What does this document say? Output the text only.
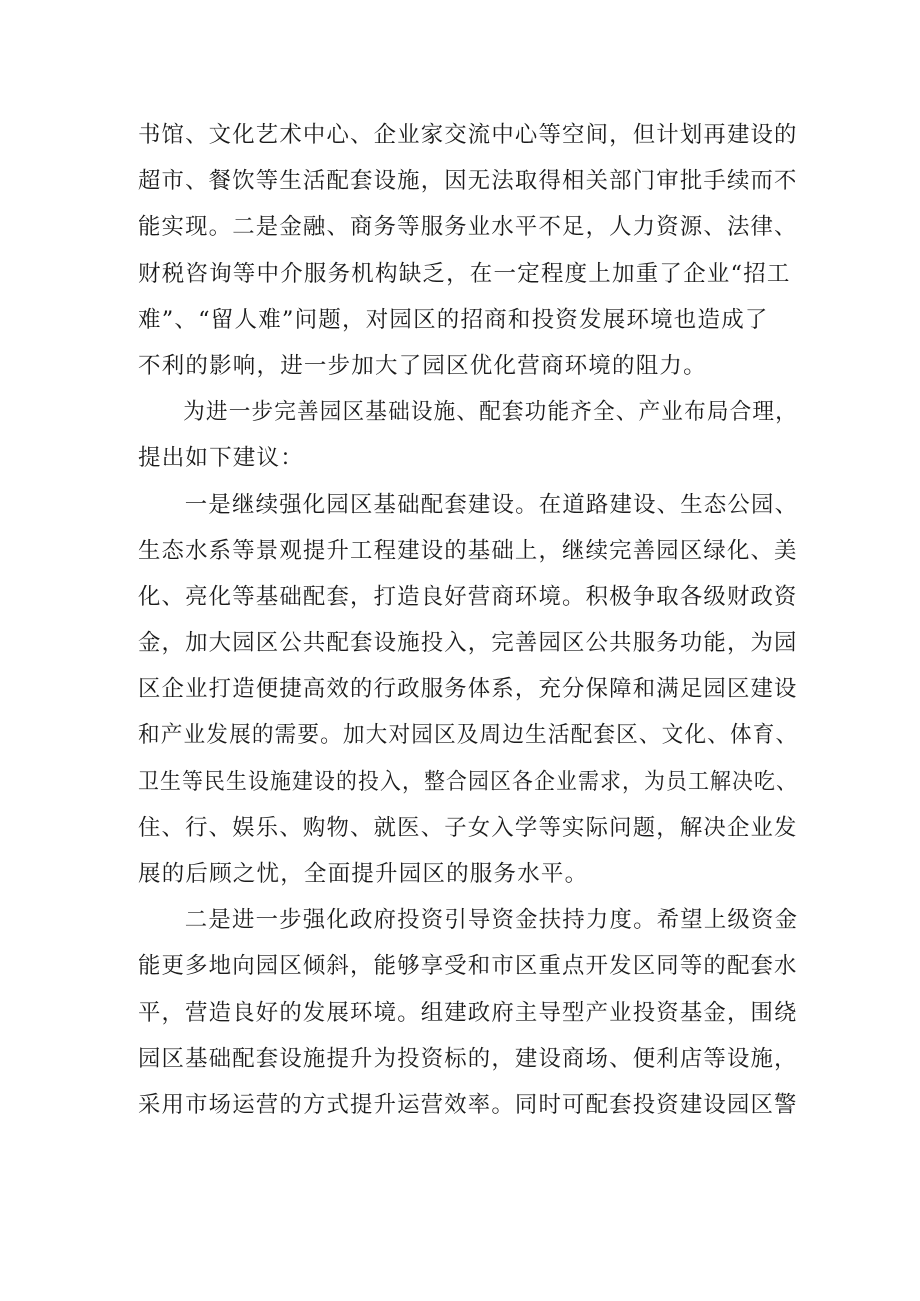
书馆、文化艺术中心、企业家交流中心等空间，但计划再建设的
超市、餐饮等生活配套设施，因无法取得相关部门审批手续而不
能实现。二是金融、商务等服务业水平不足，人力资源、法律、
财税咨询等中介服务机构缺乏，在一定程度上加重了企业“招工
难”、“留人难”问题，对园区的招商和投资发展环境也造成了
不利的影响，进一步加大了园区优化营商环境的阻力。
为进一步完善园区基础设施、配套功能齐全、产业布局合理，
提出如下建议：
一是继续强化园区基础配套建设。在道路建设、生态公园、
生态水系等景观提升工程建设的基础上，继续完善园区绿化、美
化、亮化等基础配套，打造良好营商环境。积极争取各级财政资
金，加大园区公共配套设施投入，完善园区公共服务功能，为园
区企业打造便捷高效的行政服务体系，充分保障和满足园区建设
和产业发展的需要。加大对园区及周边生活配套区、文化、体育、
卫生等民生设施建设的投入，整合园区各企业需求，为员工解决吃、
住、行、娱乐、购物、就医、子女入学等实际问题，解决企业发
展的后顾之忧，全面提升园区的服务水平。
二是进一步强化政府投资引导资金扶持力度。希望上级资金
能更多地向园区倾斜，能够享受和市区重点开发区同等的配套水
平，营造良好的发展环境。组建政府主导型产业投资基金，围绕
园区基础配套设施提升为投资标的，建设商场、便利店等设施，
采用市场运营的方式提升运营效率。同时可配套投资建设园区警
